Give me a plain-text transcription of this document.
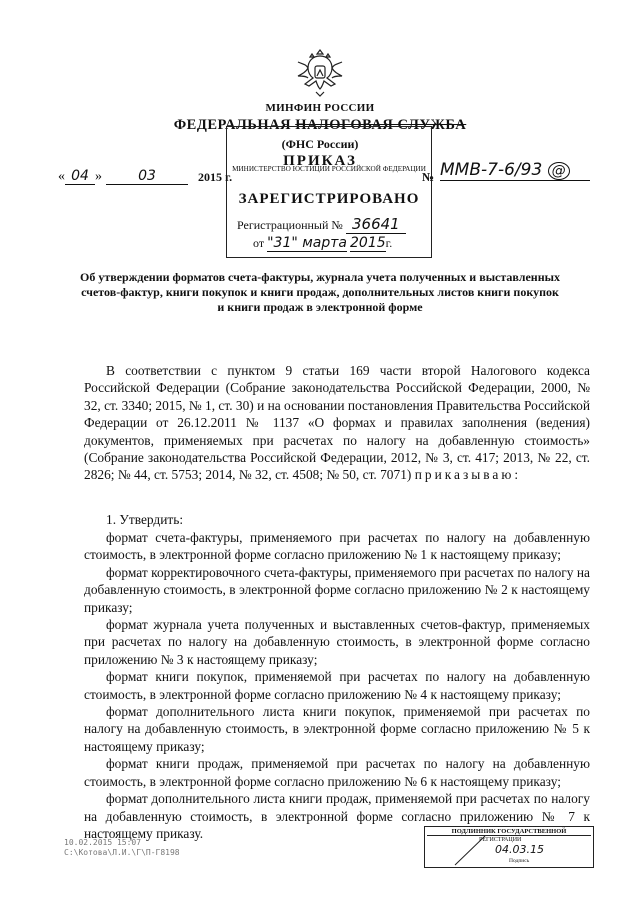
МИНФИН РОССИИ
ФЕДЕРАЛЬНАЯ НАЛОГОВАЯ СЛУЖБА
(ФНС России)
ПРИКАЗ
МИНИСТЕРСТВО ЮСТИЦИИ РОССИЙСКОЙ ФЕДЕРАЦИИ
ЗАРЕГИСТРИРОВАНО
Регистрационный № 36641
от "31" марта 2015г.
« 04 »	03	2015 г.	№ ММВ-7-6/93 @
Об утверждении форматов счета-фактуры, журнала учета полученных и выставленных счетов-фактур, книги покупок и книги продаж, дополнительных листов книги покупок и книги продаж в электронной форме
В соответствии с пунктом 9 статьи 169 части второй Налогового кодекса Российской Федерации (Собрание законодательства Российской Федерации, 2000, № 32, ст. 3340; 2015, № 1, ст. 30) и на основании постановления Правительства Российской Федерации от 26.12.2011 № 1137 «О формах и правилах заполнения (ведения) документов, применяемых при расчетах по налогу на добавленную стоимость» (Собрание законодательства Российской Федерации, 2012, № 3, ст. 417; 2013, № 22, ст. 2826; № 44, ст. 5753; 2014, № 32, ст. 4508; № 50, ст. 7071) приказываю:
1. Утвердить:

формат счета-фактуры, применяемого при расчетах по налогу на добавленную стоимость, в электронной форме согласно приложению № 1 к настоящему приказу;

формат корректировочного счета-фактуры, применяемого при расчетах по налогу на добавленную стоимость, в электронной форме согласно приложению № 2 к настоящему приказу;

формат журнала учета полученных и выставленных счетов-фактур, применяемых при расчетах по налогу на добавленную стоимость, в электронной форме согласно приложению № 3 к настоящему приказу;

формат книги покупок, применяемой при расчетах по налогу на добавленную стоимость, в электронной форме согласно приложению № 4 к настоящему приказу;

формат дополнительного листа книги покупок, применяемой при расчетах по налогу на добавленную стоимость, в электронной форме согласно приложению № 5 к настоящему приказу;

формат книги продаж, применяемой при расчетах по налогу на добавленную стоимость, в электронной форме согласно приложению № 6 к настоящему приказу;

формат дополнительного листа книги продаж, применяемой при расчетах по налогу на добавленную стоимость, в электронной форме согласно приложению № 7 к настоящему приказу.

10.02.2015 15:07
С:\Котова\Л.И.\Г\П-Г8198
ПОДЛИННИК ГОСУДАРСТВЕННОЙ
РЕГИСТРАЦИИ
04.03.15
Подпись
